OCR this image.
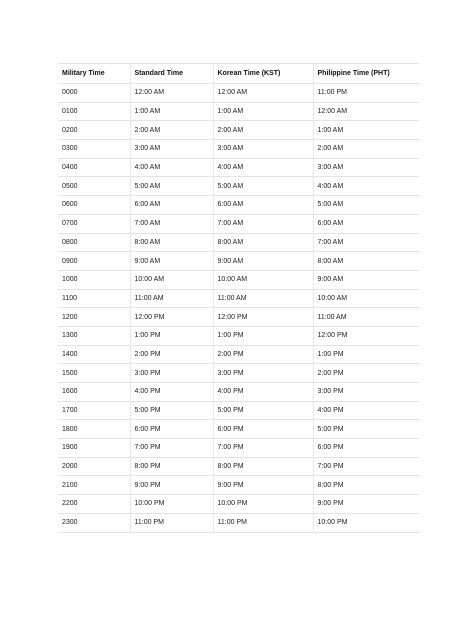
Military Time	Standard Time	Korean Time (KST)	Philippine Time (PHT)
0000	12:00 AM	12:00 AM	11:00 PM
0100	1:00 AM	1:00 AM	12:00 AM
0200	2:00 AM	2:00 AM	1:00 AM
0300	3:00 AM	3:00 AM	2:00 AM
0400	4:00 AM	4:00 AM	3:00 AM
0500	5:00 AM	5:00 AM	4:00 AM
0600	6:00 AM	6:00 AM	5:00 AM
0700	7:00 AM	7:00 AM	6:00 AM
0800	8:00 AM	8:00 AM	7:00 AM
0900	9:00 AM	9:00 AM	8:00 AM
1000	10:00 AM	10:00 AM	9:00 AM
1100	11:00 AM	11:00 AM	10:00 AM
1200	12:00 PM	12:00 PM	11:00 AM
1300	1:00 PM	1:00 PM	12:00 PM
1400	2:00 PM	2:00 PM	1:00 PM
1500	3:00 PM	3:00 PM	2:00 PM
1600	4:00 PM	4:00 PM	3:00 PM
1700	5:00 PM	5:00 PM	4:00 PM
1800	6:00 PM	6:00 PM	5:00 PM
1900	7:00 PM	7:00 PM	6:00 PM
2000	8:00 PM	8:00 PM	7:00 PM
2100	9:00 PM	9:00 PM	8:00 PM
2200	10:00 PM	10:00 PM	9:00 PM
2300	11:00 PM	11:00 PM	10:00 PM
